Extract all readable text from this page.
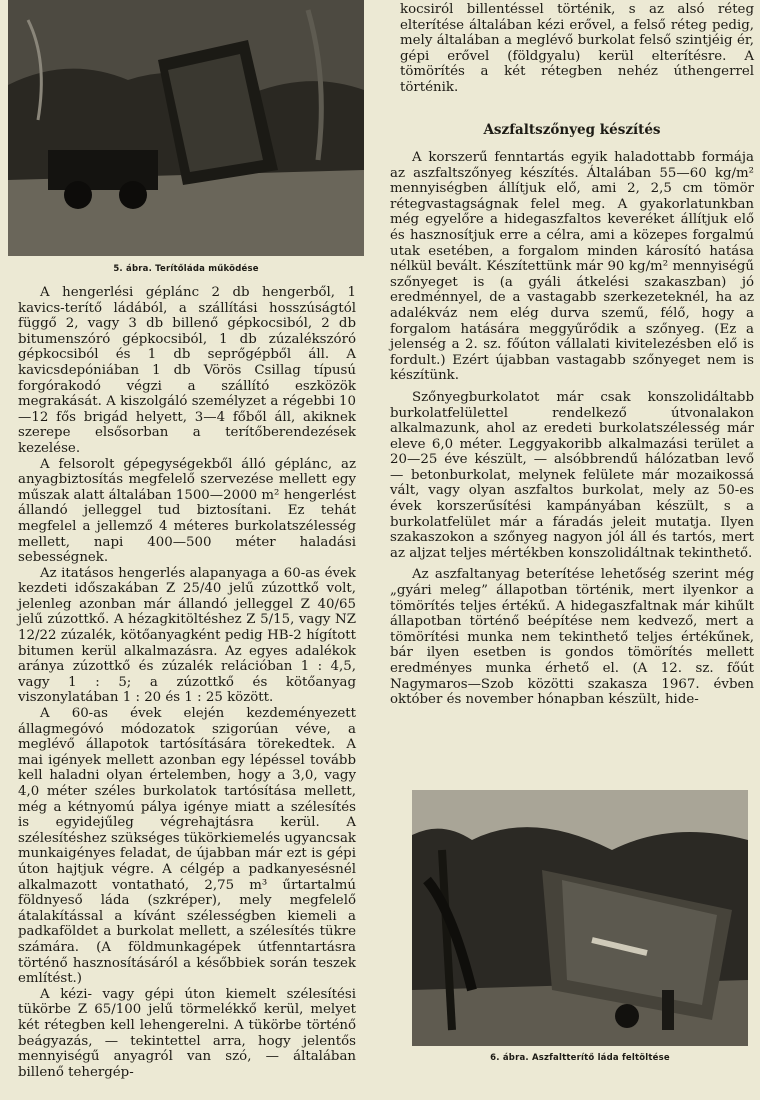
5. ábra. Terítőláda működése

A hengerlési géplánc 2 db hengerből, 1 kavics-terítő ládából, a szállítási hosszúságtól függő 2, vagy 3 db billenő gépkocsiból, 2 db bitumenszóró gépkocsiból, 1 db zúzalékszóró gépkocsiból és 1 db seprőgépből áll. A kavicsdepóniában 1 db Vörös Csillag típusú forgórakodó végzi a szállító eszközök megrakását. A kiszolgáló személyzet a régebbi 10—12 fős brigád helyett, 3—4 főből áll, akiknek szerepe elsősorban a terítőberendezések kezelése.

A felsorolt gépegységekből álló géplánc, az anyagbiztosítás megfelelő szervezése mellett egy műszak alatt általában 1500—2000 m² hengerlést állandó jelleggel tud biztosítani. Ez tehát megfelel a jellemző 4 méteres burkolatszélesség mellett, napi 400—500 méter haladási sebességnek.

Az itatásos hengerlés alapanyaga a 60-as évek kezdeti időszakában Z 25/40 jelű zúzottkő volt, jelenleg azonban már állandó jelleggel Z 40/65 jelű zúzottkő. A hézagkitöltéshez Z 5/15, vagy NZ 12/22 zúzalék, kötőanyagként pedig HB-2 hígított bitumen kerül alkalmazásra. Az egyes adalékok aránya zúzottkő és zúzalék relációban 1 : 4,5, vagy 1 : 5; a zúzottkő és kötőanyag viszonylatában 1 : 20 és 1 : 25 között.

A 60-as évek elején kezdeményezett állagmegóvó módozatok szigorúan véve, a meglévő állapotok tartósítására törekedtek. A mai igények mellett azonban egy lépéssel tovább kell haladni olyan értelemben, hogy a 3,0, vagy 4,0 méter széles burkolatok tartósítása mellett, még a kétnyomú pálya igénye miatt a szélesítés is egyidejűleg végrehajtásra kerül. A szélesítéshez szükséges tükörkiemelés ugyancsak munkaigényes feladat, de újabban már ezt is gépi úton hajtjuk végre. A célgép a padkanyesésnél alkalmazott vontatható, 2,75 m³ űrtartalmú földnyeső láda (szkréper), mely megfelelő átalakítással a kívánt szélességben kiemeli a padkaföldet a burkolat mellett, a szélesítés tükre számára. (A földmunkagépek útfenntartásra történő hasznosításáról a későbbiek során teszek említést.)

A kézi- vagy gépi úton kiemelt szélesítési tükörbe Z 65/100 jelű törmelékkő kerül, melyet két rétegben kell lehengerelni. A tükörbe történő beágyazás, — tekintettel arra, hogy jelentős mennyiségű anyagról van szó, — általában billenő tehergép-

kocsiról billentéssel történik, s az alsó réteg elterítése általában kézi erővel, a felső réteg pedig, mely általában a meglévő burkolat felső szintjéig ér, gépi erővel (földgyalu) kerül elterítésre. A tömörítés a két rétegben nehéz úthengerrel történik.

Aszfaltszőnyeg készítés

A korszerű fenntartás egyik haladottabb formája az aszfaltszőnyeg készítés. Általában 55—60 kg/m² mennyiségben állítjuk elő, ami 2, 2,5 cm tömör rétegvastagságnak felel meg. A gyakorlatunkban még egyelőre a hidegaszfaltos keveréket állítjuk elő és hasznosítjuk erre a célra, ami a közepes forgalmú utak esetében, a forgalom minden károsító hatása nélkül bevált. Készítettünk már 90 kg/m² mennyiségű szőnyeget is (a gyáli átkelési szakaszban) jó eredménnyel, de a vastagabb szerkezeteknél, ha az adalékváz nem elég durva szemű, félő, hogy a forgalom hatására meggyűrődik a szőnyeg. (Ez a jelenség a 2. sz. főúton vállalati kivitelezésben elő is fordult.) Ezért újabban vastagabb szőnyeget nem is készítünk.

Szőnyegburkolatot már csak konszolidáltabb burkolatfelülettel rendelkező útvonalakon alkalmazunk, ahol az eredeti burkolatszélesség már eleve 6,0 méter. Leggyakoribb alkalmazási terület a 20—25 éve készült, — alsóbbrendű hálózatban levő — betonburkolat, melynek felülete már mozaikossá vált, vagy olyan aszfaltos burkolat, mely az 50-es évek korszerűsítési kampányában készült, s a burkolatfelület már a fáradás jeleit mutatja. Ilyen szakaszokon a szőnyeg nagyon jól áll és tartós, mert az aljzat teljes mértékben konszolidáltnak tekinthető.

Az aszfaltanyag beterítése lehetőség szerint még „gyári meleg” állapotban történik, mert ilyenkor a tömörítés teljes értékű. A hidegaszfaltnak már kihűlt állapotban történő beépítése nem kedvező, mert a tömörítési munka nem tekinthető teljes értékűnek, bár ilyen esetben is gondos tömörítés mellett eredményes munka érhető el. (A 12. sz. főút Nagymaros—Szob közötti szakasza 1967. évben október és november hónapban készült, hide-

6. ábra. Aszfaltterítő láda feltöltése
